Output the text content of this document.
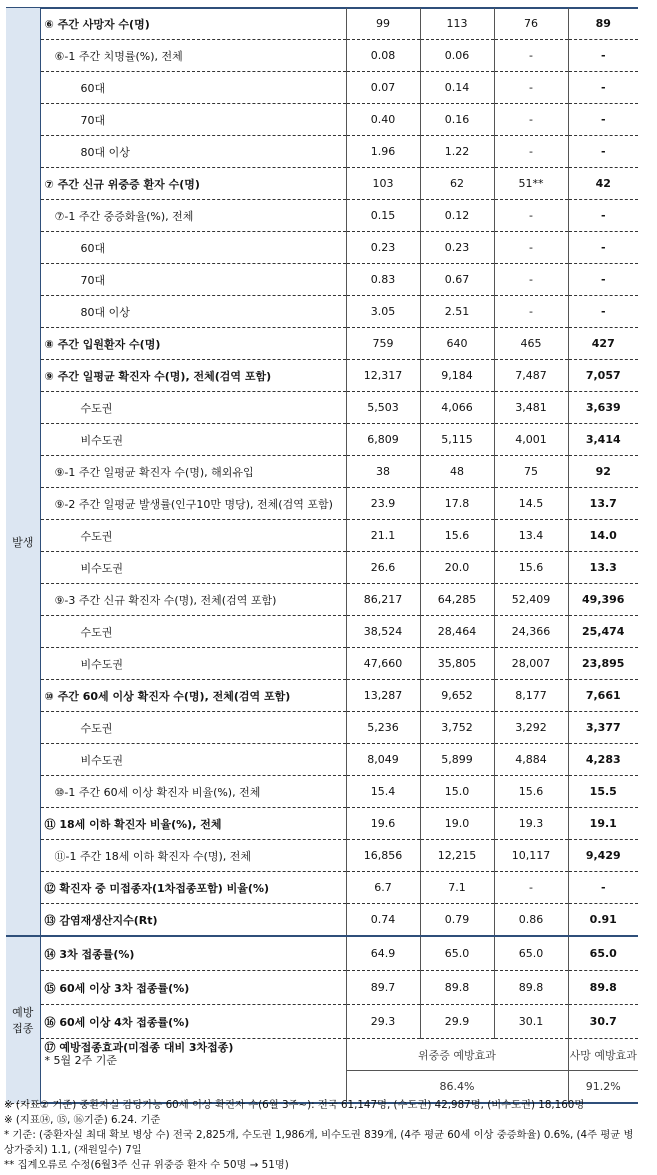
발생	⑥ 주간 사망자 수(명)	99	113	76	89
	⑥-1 주간 치명률(%), 전체	0.08	0.06	-	-
	60대	0.07	0.14	-	-
	70대	0.40	0.16	-	-
	80대 이상	1.96	1.22	-	-
	⑦ 주간 신규 위중증 환자 수(명)	103	62	51**	42
	⑦-1 주간 중증화율(%), 전체	0.15	0.12	-	-
	60대	0.23	0.23	-	-
	70대	0.83	0.67	-	-
	80대 이상	3.05	2.51	-	-
	⑧ 주간 입원환자 수(명)	759	640	465	427
	⑨ 주간 일평균 확진자 수(명), 전체(검역 포함)	12,317	9,184	7,487	7,057
	수도권	5,503	4,066	3,481	3,639
	비수도권	6,809	5,115	4,001	3,414
	⑨-1 주간 일평균 확진자 수(명), 해외유입	38	48	75	92
	⑨-2 주간 일평균 발생률(인구10만 명당), 전체(검역 포함)	23.9	17.8	14.5	13.7
	수도권	21.1	15.6	13.4	14.0
	비수도권	26.6	20.0	15.6	13.3
	⑨-3 주간 신규 확진자 수(명), 전체(검역 포함)	86,217	64,285	52,409	49,396
	수도권	38,524	28,464	24,366	25,474
	비수도권	47,660	35,805	28,007	23,895
	⑩ 주간 60세 이상 확진자 수(명), 전체(검역 포함)	13,287	9,652	8,177	7,661
	수도권	5,236	3,752	3,292	3,377
	비수도권	8,049	5,899	4,884	4,283
	⑩-1 주간 60세 이상 확진자 비율(%), 전체	15.4	15.0	15.6	15.5
	⑪ 18세 이하 확진자 비율(%), 전체	19.6	19.0	19.3	19.1
	⑪-1 주간 18세 이하 확진자 수(명), 전체	16,856	12,215	10,117	9,429
	⑫ 확진자 중 미접종자(1차접종포함) 비율(%)	6.7	7.1	-	-
	⑬ 감염재생산지수(Rt)	0.74	0.79	0.86	0.91
예방
접종	⑭ 3차 접종률(%)	64.9	65.0	65.0	65.0
	⑮ 60세 이상 3차 접종률(%)	89.7	89.8	89.8	89.8
	⑯ 60세 이상 4차 접종률(%)	29.3	29.9	30.1	30.7

	⑰ 예방접종효과(미접종 대비 3차접종)
* 5월 2주 기준	위중증 예방효과			사망 예방효과
		86.4%			91.2%
※ (지표② 기준) 중환자실 감당가능 60세 이상 확진자 수(6월 3주~): 전국 61,147명, (수도권) 42,987명, (비수도권) 18,160명
※ (지표⑭, ⑮, ⑯기준) 6.24. 기준
* 기준: (중환자실 최대 확보 병상 수) 전국 2,825개, 수도권 1,986개, 비수도권 839개, (4주 평균 60세 이상 중증화율) 0.6%, (4주 평균 병
상가중치) 1.1, (재원일수) 7일
** 집계오류로 수정(6월3주 신규 위중증 환자 수 50명 → 51명)
